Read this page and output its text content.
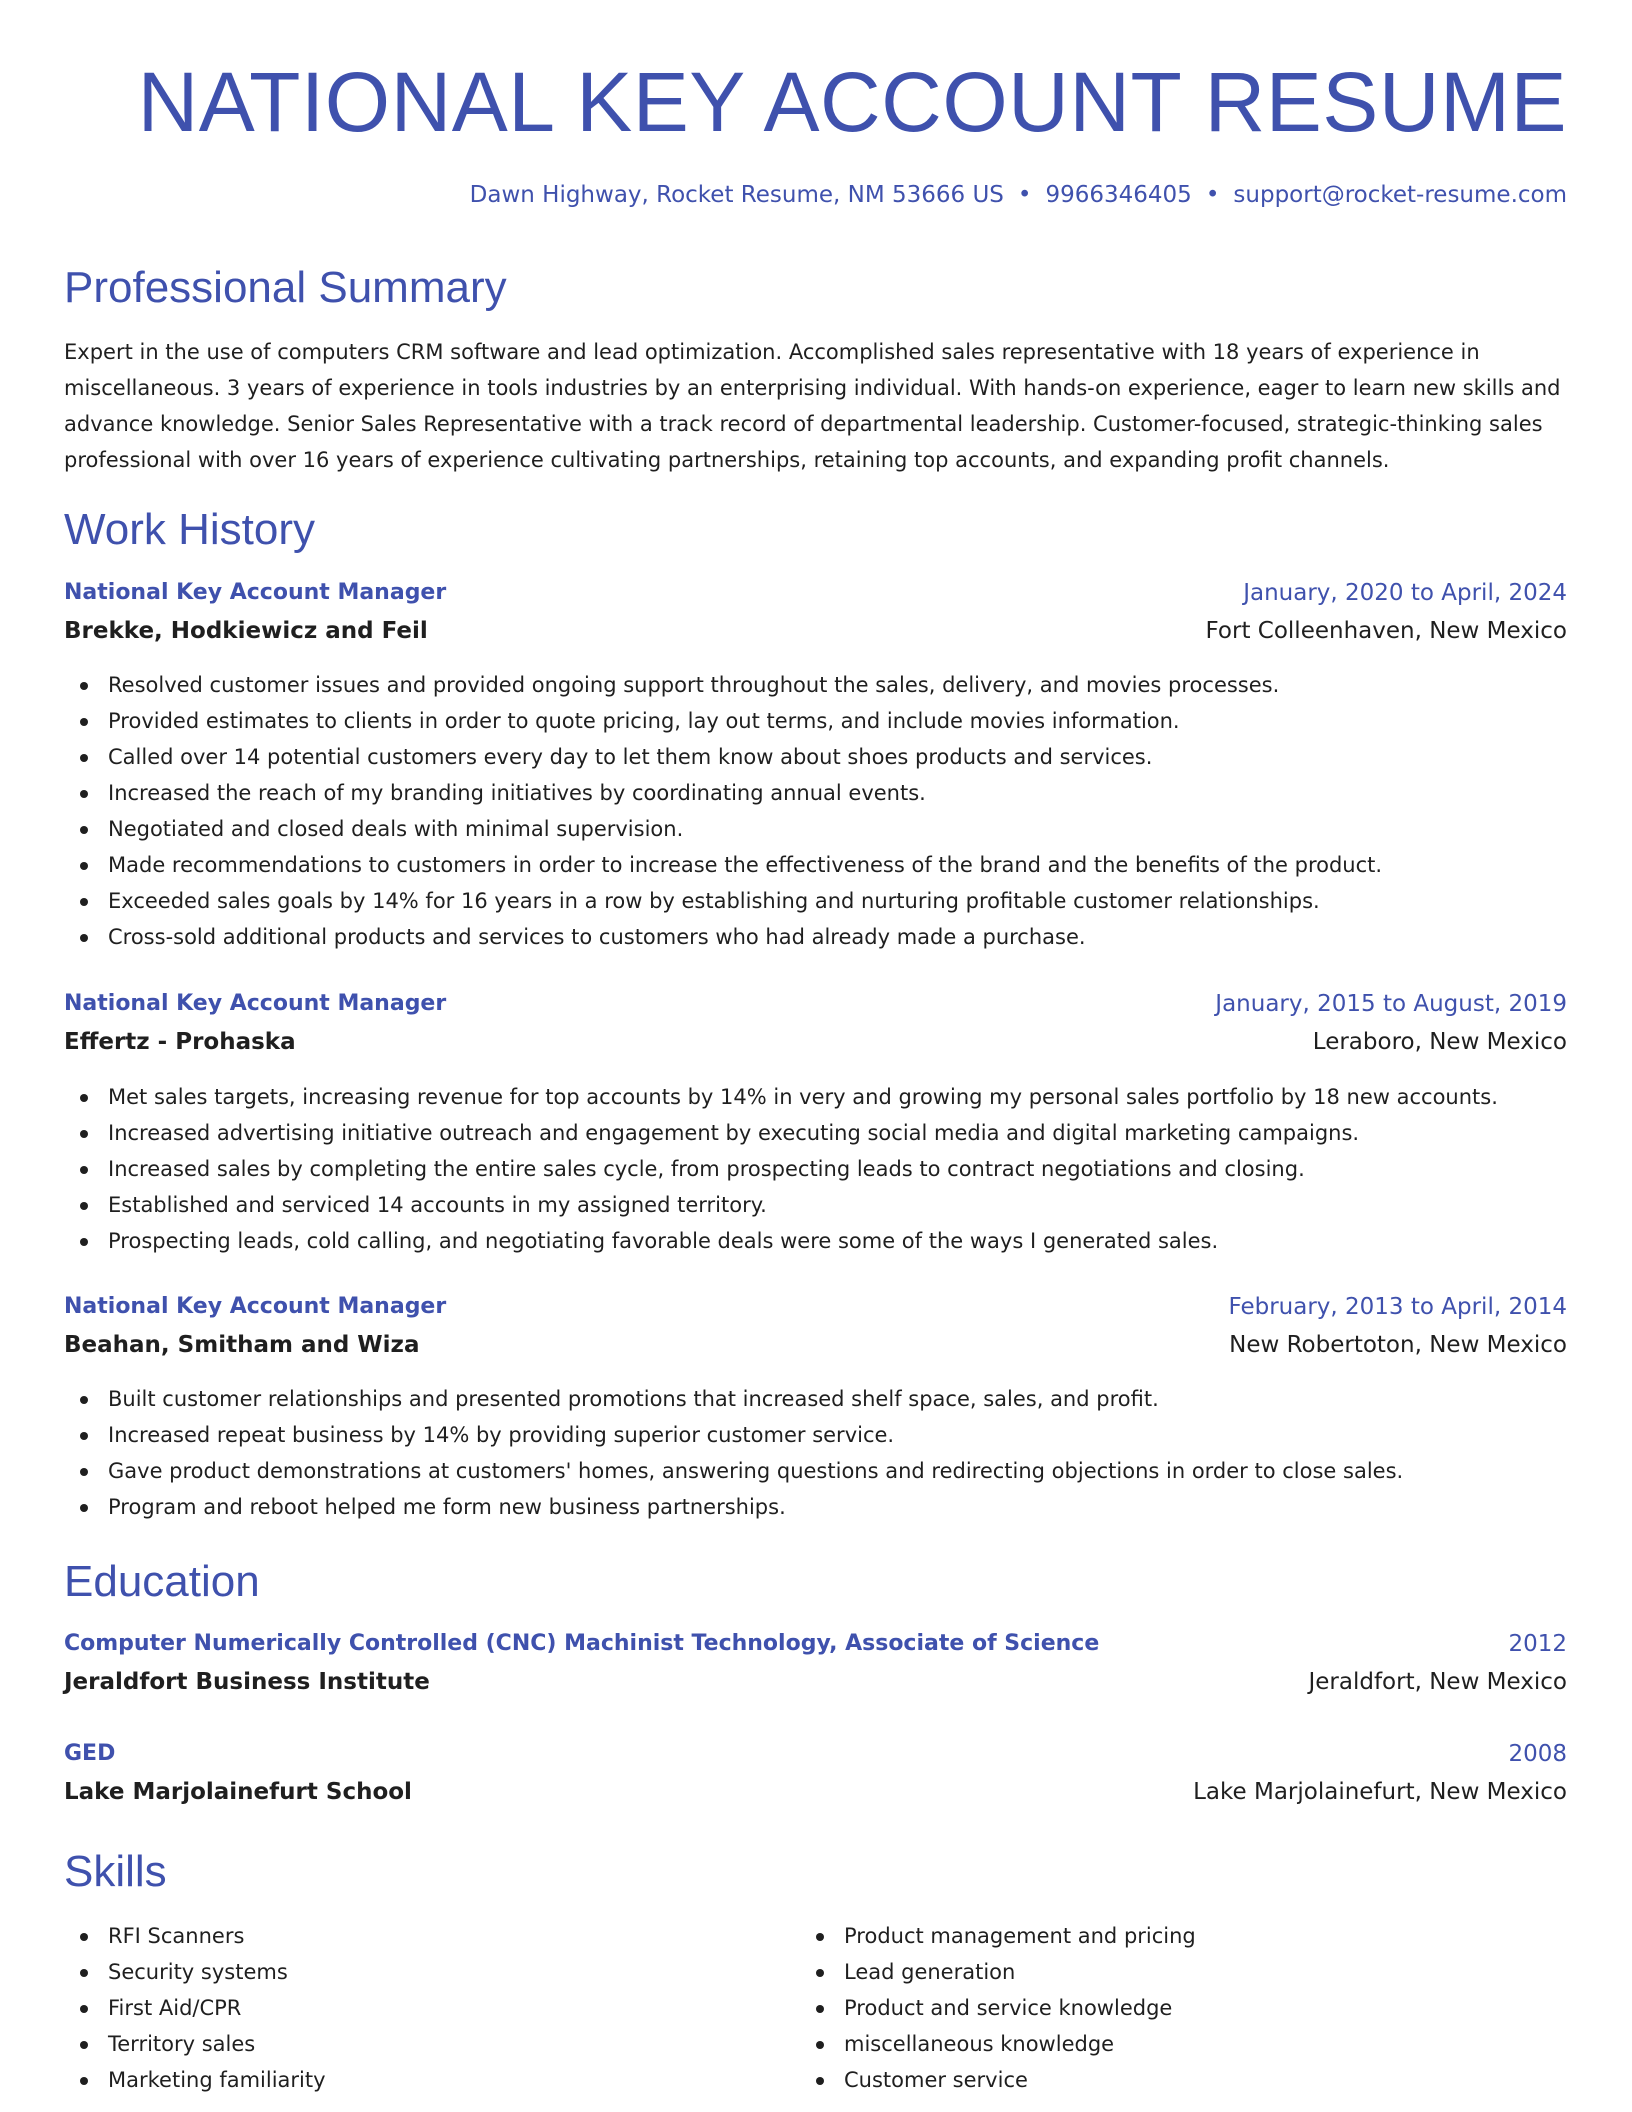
NATIONAL KEY ACCOUNT RESUME
Dawn Highway, Rocket Resume, NM 53666 US • 9966346405 • support@rocket-resume.com
Professional Summary

Expert in the use of computers CRM software and lead optimization. Accomplished sales representative with 18 years of experience in miscellaneous. 3 years of experience in tools industries by an enterprising individual. With hands-on experience, eager to learn new skills and advance knowledge. Senior Sales Representative with a track record of departmental leadership. Customer-focused, strategic-thinking sales professional with over 16 years of experience cultivating partnerships, retaining top accounts, and expanding profit channels.

Work History
National Key Account Manager	January, 2020 to April, 2024
Brekke, Hodkiewicz and Feil	Fort Colleenhaven, New Mexico
Resolved customer issues and provided ongoing support throughout the sales, delivery, and movies processes.
Provided estimates to clients in order to quote pricing, lay out terms, and include movies information.
Called over 14 potential customers every day to let them know about shoes products and services.
Increased the reach of my branding initiatives by coordinating annual events.
Negotiated and closed deals with minimal supervision.
Made recommendations to customers in order to increase the effectiveness of the brand and the benefits of the product.
Exceeded sales goals by 14% for 16 years in a row by establishing and nurturing profitable customer relationships.
Cross-sold additional products and services to customers who had already made a purchase.
National Key Account Manager	January, 2015 to August, 2019
Effertz - Prohaska	Leraboro, New Mexico
Met sales targets, increasing revenue for top accounts by 14% in very and growing my personal sales portfolio by 18 new accounts.
Increased advertising initiative outreach and engagement by executing social media and digital marketing campaigns.
Increased sales by completing the entire sales cycle, from prospecting leads to contract negotiations and closing.
Established and serviced 14 accounts in my assigned territory.
Prospecting leads, cold calling, and negotiating favorable deals were some of the ways I generated sales.
National Key Account Manager	February, 2013 to April, 2014
Beahan, Smitham and Wiza	New Robertoton, New Mexico
Built customer relationships and presented promotions that increased shelf space, sales, and profit.
Increased repeat business by 14% by providing superior customer service.
Gave product demonstrations at customers' homes, answering questions and redirecting objections in order to close sales.
Program and reboot helped me form new business partnerships.
Education
Computer Numerically Controlled (CNC) Machinist Technology, Associate of Science	2012
Jeraldfort Business Institute	Jeraldfort, New Mexico
GED	2008
Lake Marjolainefurt School	Lake Marjolainefurt, New Mexico
Skills
RFI Scanners
Security systems
First Aid/CPR
Territory sales
Marketing familiarity
Product management and pricing
Lead generation
Product and service knowledge
miscellaneous knowledge
Customer service
